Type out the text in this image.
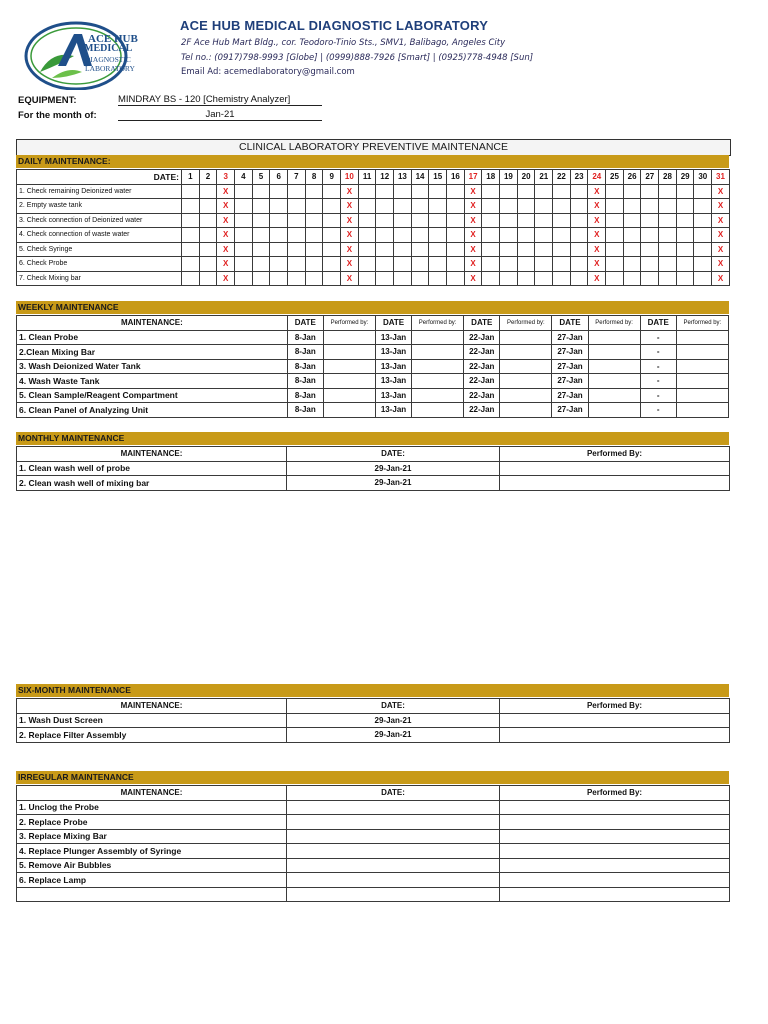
ACE HUB
MEDICAL
DIAGNOSTIC
LABORATORY
ACE HUB MEDICAL DIAGNOSTIC LABORATORY
2F Ace Hub Mart Bldg., cor. Teodoro-Tinio Sts., SMV1, Balibago, Angeles City
Tel no.: (0917)798-9993 [Globe] | (0999)888-7926 [Smart] | (0925)778-4948 [Sun]
Email Ad: acemedlaboratory@gmail.com
EQUIPMENT:	MINDRAY BS - 120 [Chemistry Analyzer]
For the month of:	Jan-21
CLINICAL LABORATORY PREVENTIVE MAINTENANCE
DAILY MAINTENANCE:
DATE:	1	2	3	4	5	6	7	8	9	10	11	12	13	14	15	16	17	18	19	20	21	22	23	24	25	26	27	28	29	30	31
1. Check remaining Deionized water			X							X							X							X							X
2. Empty waste tank			X							X							X							X							X
3. Check connection of Deionized water			X							X							X							X							X
4. Check connection of waste water			X							X							X							X							X
5. Check Syringe			X							X							X							X							X
6. Check Probe			X							X							X							X							X
7. Check Mixing bar			X							X							X							X							X
WEEKLY MAINTENANCE
MAINTENANCE:	DATE	Performed by:	DATE	Performed by:	DATE	Performed by:	DATE	Performed by:	DATE	Performed by:
1. Clean Probe	8-Jan		13-Jan		22-Jan		27-Jan		-	
2.Clean Mixing Bar	8-Jan		13-Jan		22-Jan		27-Jan		-	
3. Wash Deionized Water Tank	8-Jan		13-Jan		22-Jan		27-Jan		-	
4. Wash Waste Tank	8-Jan		13-Jan		22-Jan		27-Jan		-	
5. Clean Sample/Reagent Compartment	8-Jan		13-Jan		22-Jan		27-Jan		-	
6. Clean Panel of Analyzing Unit	8-Jan		13-Jan		22-Jan		27-Jan		-	
MONTHLY MAINTENANCE
MAINTENANCE:	DATE:	Performed By:
1. Clean wash well of probe	29-Jan-21	
2. Clean wash well of mixing bar	29-Jan-21	
SIX-MONTH MAINTENANCE
MAINTENANCE:	DATE:	Performed By:
1. Wash Dust Screen	29-Jan-21	
2. Replace Filter Assembly	29-Jan-21	
IRREGULAR MAINTENANCE
MAINTENANCE:	DATE:	Performed By:
1. Unclog the Probe		
2. Replace Probe		
3. Replace Mixing Bar		
4. Replace Plunger Assembly of Syringe		
5. Remove Air Bubbles		
6. Replace Lamp		
